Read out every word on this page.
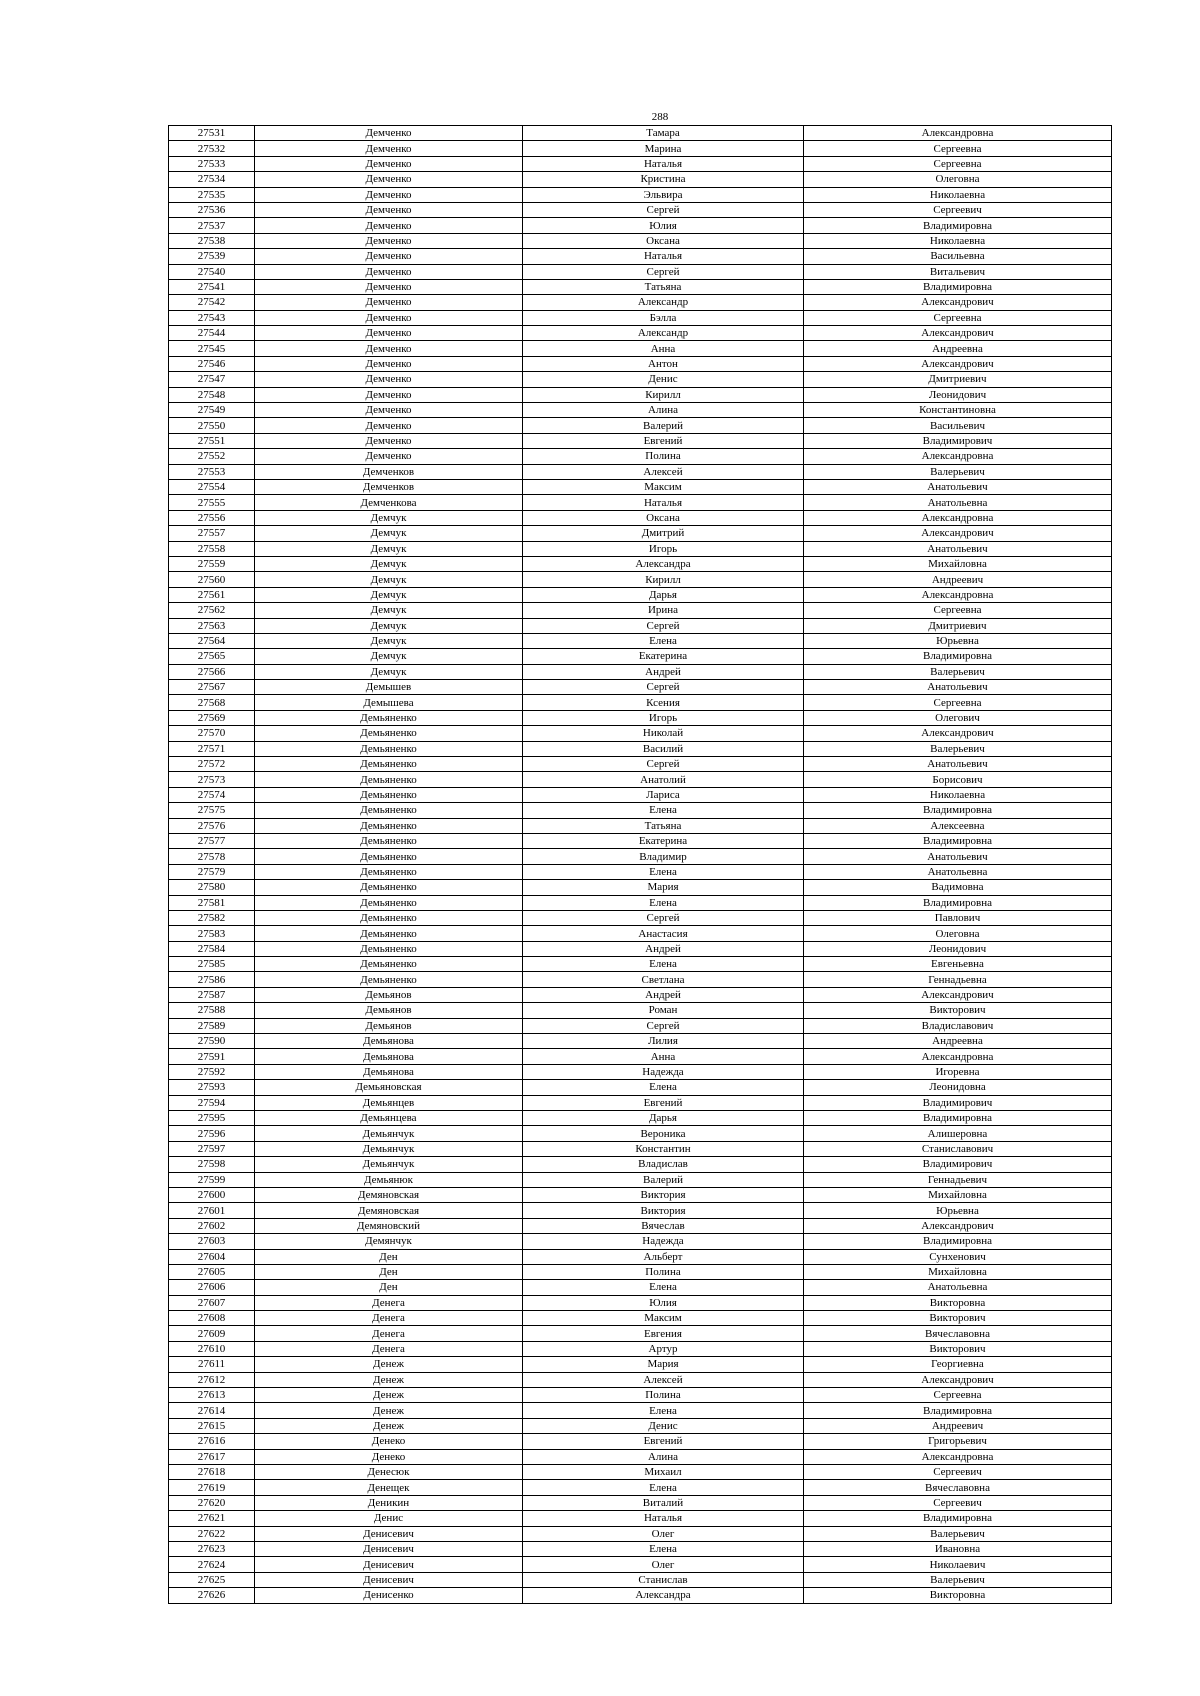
288
27531	Демченко	Тамара	Александровна
27532	Демченко	Марина	Сергеевна
27533	Демченко	Наталья	Сергеевна
27534	Демченко	Кристина	Олеговна
27535	Демченко	Эльвира	Николаевна
27536	Демченко	Сергей	Сергеевич
27537	Демченко	Юлия	Владимировна
27538	Демченко	Оксана	Николаевна
27539	Демченко	Наталья	Васильевна
27540	Демченко	Сергей	Витальевич
27541	Демченко	Татьяна	Владимировна
27542	Демченко	Александр	Александрович
27543	Демченко	Бэлла	Сергеевна
27544	Демченко	Александр	Александрович
27545	Демченко	Анна	Андреевна
27546	Демченко	Антон	Александрович
27547	Демченко	Денис	Дмитриевич
27548	Демченко	Кирилл	Леонидович
27549	Демченко	Алина	Константиновна
27550	Демченко	Валерий	Васильевич
27551	Демченко	Евгений	Владимирович
27552	Демченко	Полина	Александровна
27553	Демченков	Алексей	Валерьевич
27554	Демченков	Максим	Анатольевич
27555	Демченкова	Наталья	Анатольевна
27556	Демчук	Оксана	Александровна
27557	Демчук	Дмитрий	Александрович
27558	Демчук	Игорь	Анатольевич
27559	Демчук	Александра	Михайловна
27560	Демчук	Кирилл	Андреевич
27561	Демчук	Дарья	Александровна
27562	Демчук	Ирина	Сергеевна
27563	Демчук	Сергей	Дмитриевич
27564	Демчук	Елена	Юрьевна
27565	Демчук	Екатерина	Владимировна
27566	Демчук	Андрей	Валерьевич
27567	Демышев	Сергей	Анатольевич
27568	Демышева	Ксения	Сергеевна
27569	Демьяненко	Игорь	Олегович
27570	Демьяненко	Николай	Александрович
27571	Демьяненко	Василий	Валерьевич
27572	Демьяненко	Сергей	Анатольевич
27573	Демьяненко	Анатолий	Борисович
27574	Демьяненко	Лариса	Николаевна
27575	Демьяненко	Елена	Владимировна
27576	Демьяненко	Татьяна	Алексеевна
27577	Демьяненко	Екатерина	Владимировна
27578	Демьяненко	Владимир	Анатольевич
27579	Демьяненко	Елена	Анатольевна
27580	Демьяненко	Мария	Вадимовна
27581	Демьяненко	Елена	Владимировна
27582	Демьяненко	Сергей	Павлович
27583	Демьяненко	Анастасия	Олеговна
27584	Демьяненко	Андрей	Леонидович
27585	Демьяненко	Елена	Евгеньевна
27586	Демьяненко	Светлана	Геннадьевна
27587	Демьянов	Андрей	Александрович
27588	Демьянов	Роман	Викторович
27589	Демьянов	Сергей	Владиславович
27590	Демьянова	Лилия	Андреевна
27591	Демьянова	Анна	Александровна
27592	Демьянова	Надежда	Игоревна
27593	Демьяновская	Елена	Леонидовна
27594	Демьянцев	Евгений	Владимирович
27595	Демьянцева	Дарья	Владимировна
27596	Демьянчук	Вероника	Алишеровна
27597	Демьянчук	Константин	Станиславович
27598	Демьянчук	Владислав	Владимирович
27599	Демьянюк	Валерий	Геннадьевич
27600	Демяновская	Виктория	Михайловна
27601	Демяновская	Виктория	Юрьевна
27602	Демяновский	Вячеслав	Александрович
27603	Демянчук	Надежда	Владимировна
27604	Ден	Альберт	Сунхенович
27605	Ден	Полина	Михайловна
27606	Ден	Елена	Анатольевна
27607	Денега	Юлия	Викторовна
27608	Денега	Максим	Викторович
27609	Денега	Евгения	Вячеславовна
27610	Денега	Артур	Викторович
27611	Денеж	Мария	Георгиевна
27612	Денеж	Алексей	Александрович
27613	Денеж	Полина	Сергеевна
27614	Денеж	Елена	Владимировна
27615	Денеж	Денис	Андреевич
27616	Денеко	Евгений	Григорьевич
27617	Денеко	Алина	Александровна
27618	Денесюк	Михаил	Сергеевич
27619	Денещек	Елена	Вячеславовна
27620	Деникин	Виталий	Сергеевич
27621	Денис	Наталья	Владимировна
27622	Денисевич	Олег	Валерьевич
27623	Денисевич	Елена	Ивановна
27624	Денисевич	Олег	Николаевич
27625	Денисевич	Станислав	Валерьевич
27626	Денисенко	Александра	Викторовна
